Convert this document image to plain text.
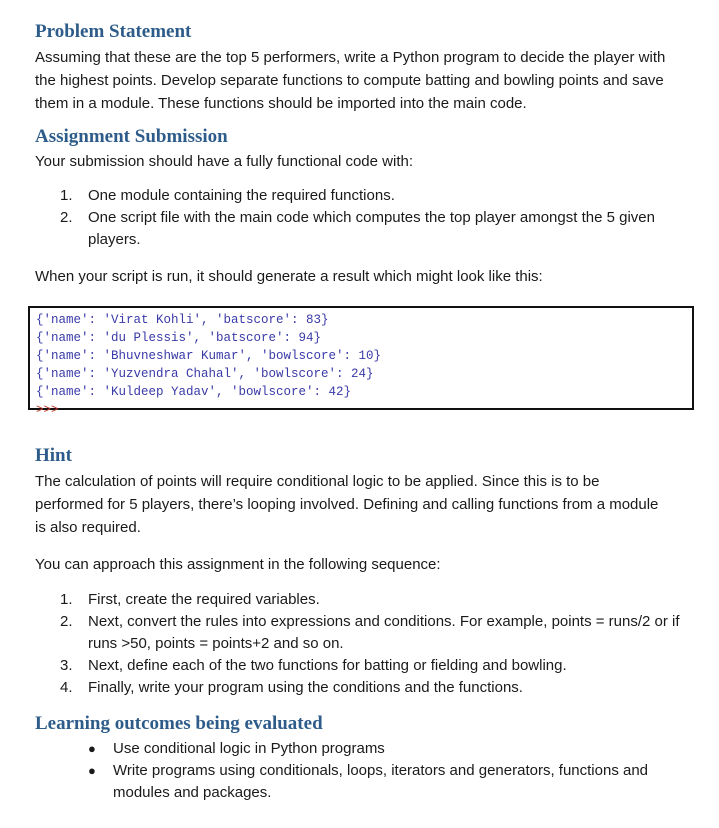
Problem Statement

Assuming that these are the top 5 performers, write a Python program to decide the player with the highest points. Develop separate functions to compute batting and bowling points and save them in a module. These functions should be imported into the main code.

Assignment Submission

Your submission should have a fully functional code with:

1. One module containing the required functions.
2. One script file with the main code which computes the top player amongst the 5 given players.

When your script is run, it should generate a result which might look like this:

{'name': 'Virat Kohli', 'batscore': 83}
{'name': 'du Plessis', 'batscore': 94}
{'name': 'Bhuvneshwar Kumar', 'bowlscore': 10}
{'name': 'Yuzvendra Chahal', 'bowlscore': 24}
{'name': 'Kuldeep Yadav', 'bowlscore': 42}
>>>
Hint

The calculation of points will require conditional logic to be applied. Since this is to be performed for 5 players, there’s looping involved. Defining and calling functions from a module is also required.

You can approach this assignment in the following sequence:

1. First, create the required variables.
2. Next, convert the rules into expressions and conditions. For example, points = runs/2 or if runs >50, points = points+2 and so on.
3. Next, define each of the two functions for batting or fielding and bowling.
4. Finally, write your program using the conditions and the functions.
Learning outcomes being evaluated
● Use conditional logic in Python programs
● Write programs using conditionals, loops, iterators and generators, functions and modules and packages.
